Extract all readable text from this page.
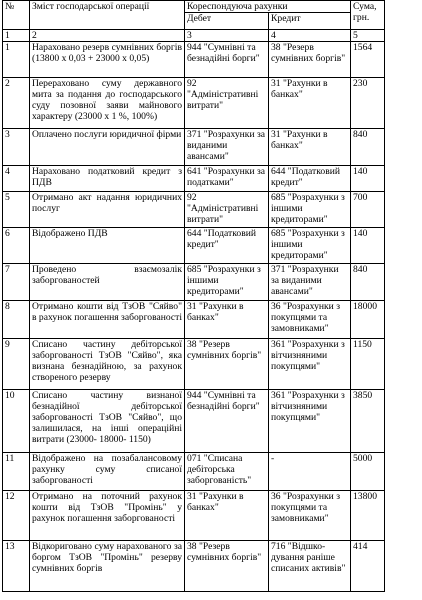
№	Зміст господарської операції	Кореспондуюча рахунки		Сума, грн.
		Дебет	Кредит	
1	2	3	4	5
1	Нараховано резерв сумнівних боргів (13800 х 0,03 + 23000 х 0,05)	944 "Сумнівні та безнадійні борги"	38 "Резерв сумнівних боргів"	1564
2	Перераховано суму державного мита за подання до господарського суду позовної заяви майнового характеру (23000 х 1 %, 100%)	92 "Адміністративні витрати"	31 "Рахунки в банках"	230
3	Оплачено послуги юридичної фірми	371 "Розрахунки за виданими авансами"	31 "Рахунки в банках"	840
4	Нараховано податковий кредит з ПДВ	641 "Розрахунки за податками"	644 "Податковий кредит"	140
5	Отримано акт надання юридичних послуг	92 "Адміністративні витрати"	685 "Розрахунки з іншими кредиторами"	700
6	Відображено ПДВ	644 "Податковий кредит"	685 "Розрахунки з іншими кредиторами"	140
7	Проведено взаємозалік заборгованостей	685 "Розрахунки з іншими кредиторами"	371 "Розрахунки за виданими авансами"	840
8	Отримано кошти від ТзОВ "Сяйво" в рахунок погашення заборгованості	31 "Рахунки в банках"	36 "Розрахунки з покупцями та замовниками"	18000
9	Списано частину дебіторської заборгованості ТзОВ "Сяйво", яка визнана безнадійною, за рахунок створеного резерву	38 "Резерв сумнівних боргів"	361 "Розрахунки з вітчизняними покупцями"	1150
10	Списано частину визнаної безнадійної дебіторської заборгованості ТзОВ "Сяйво", що залишилася, на інші операційні витрати (23000- 18000- 1150)	944 "Сумнівні та безнадійні борги"	361 "Розрахунки з вітчизняними покупцями"	3850
11	Відображено на позабалансовому рахунку суму списаної заборгованості	071 "Списана дебіторська заборгованість"	-	5000
12	Отримано на поточний рахунок кошти від ТзОВ "Промінь" у рахунок погашення заборгованості	31 "Рахунки в банках"	36 "Розрахунки з покупцями та замовниками"	13800
13	Відкориговано суму нарахованого за боргом ТзОВ "Промінь" резерву сумнівних боргів	38 "Резерв сумнівних боргів"	716 "Відшко-дування раніше списаних активів"	414
